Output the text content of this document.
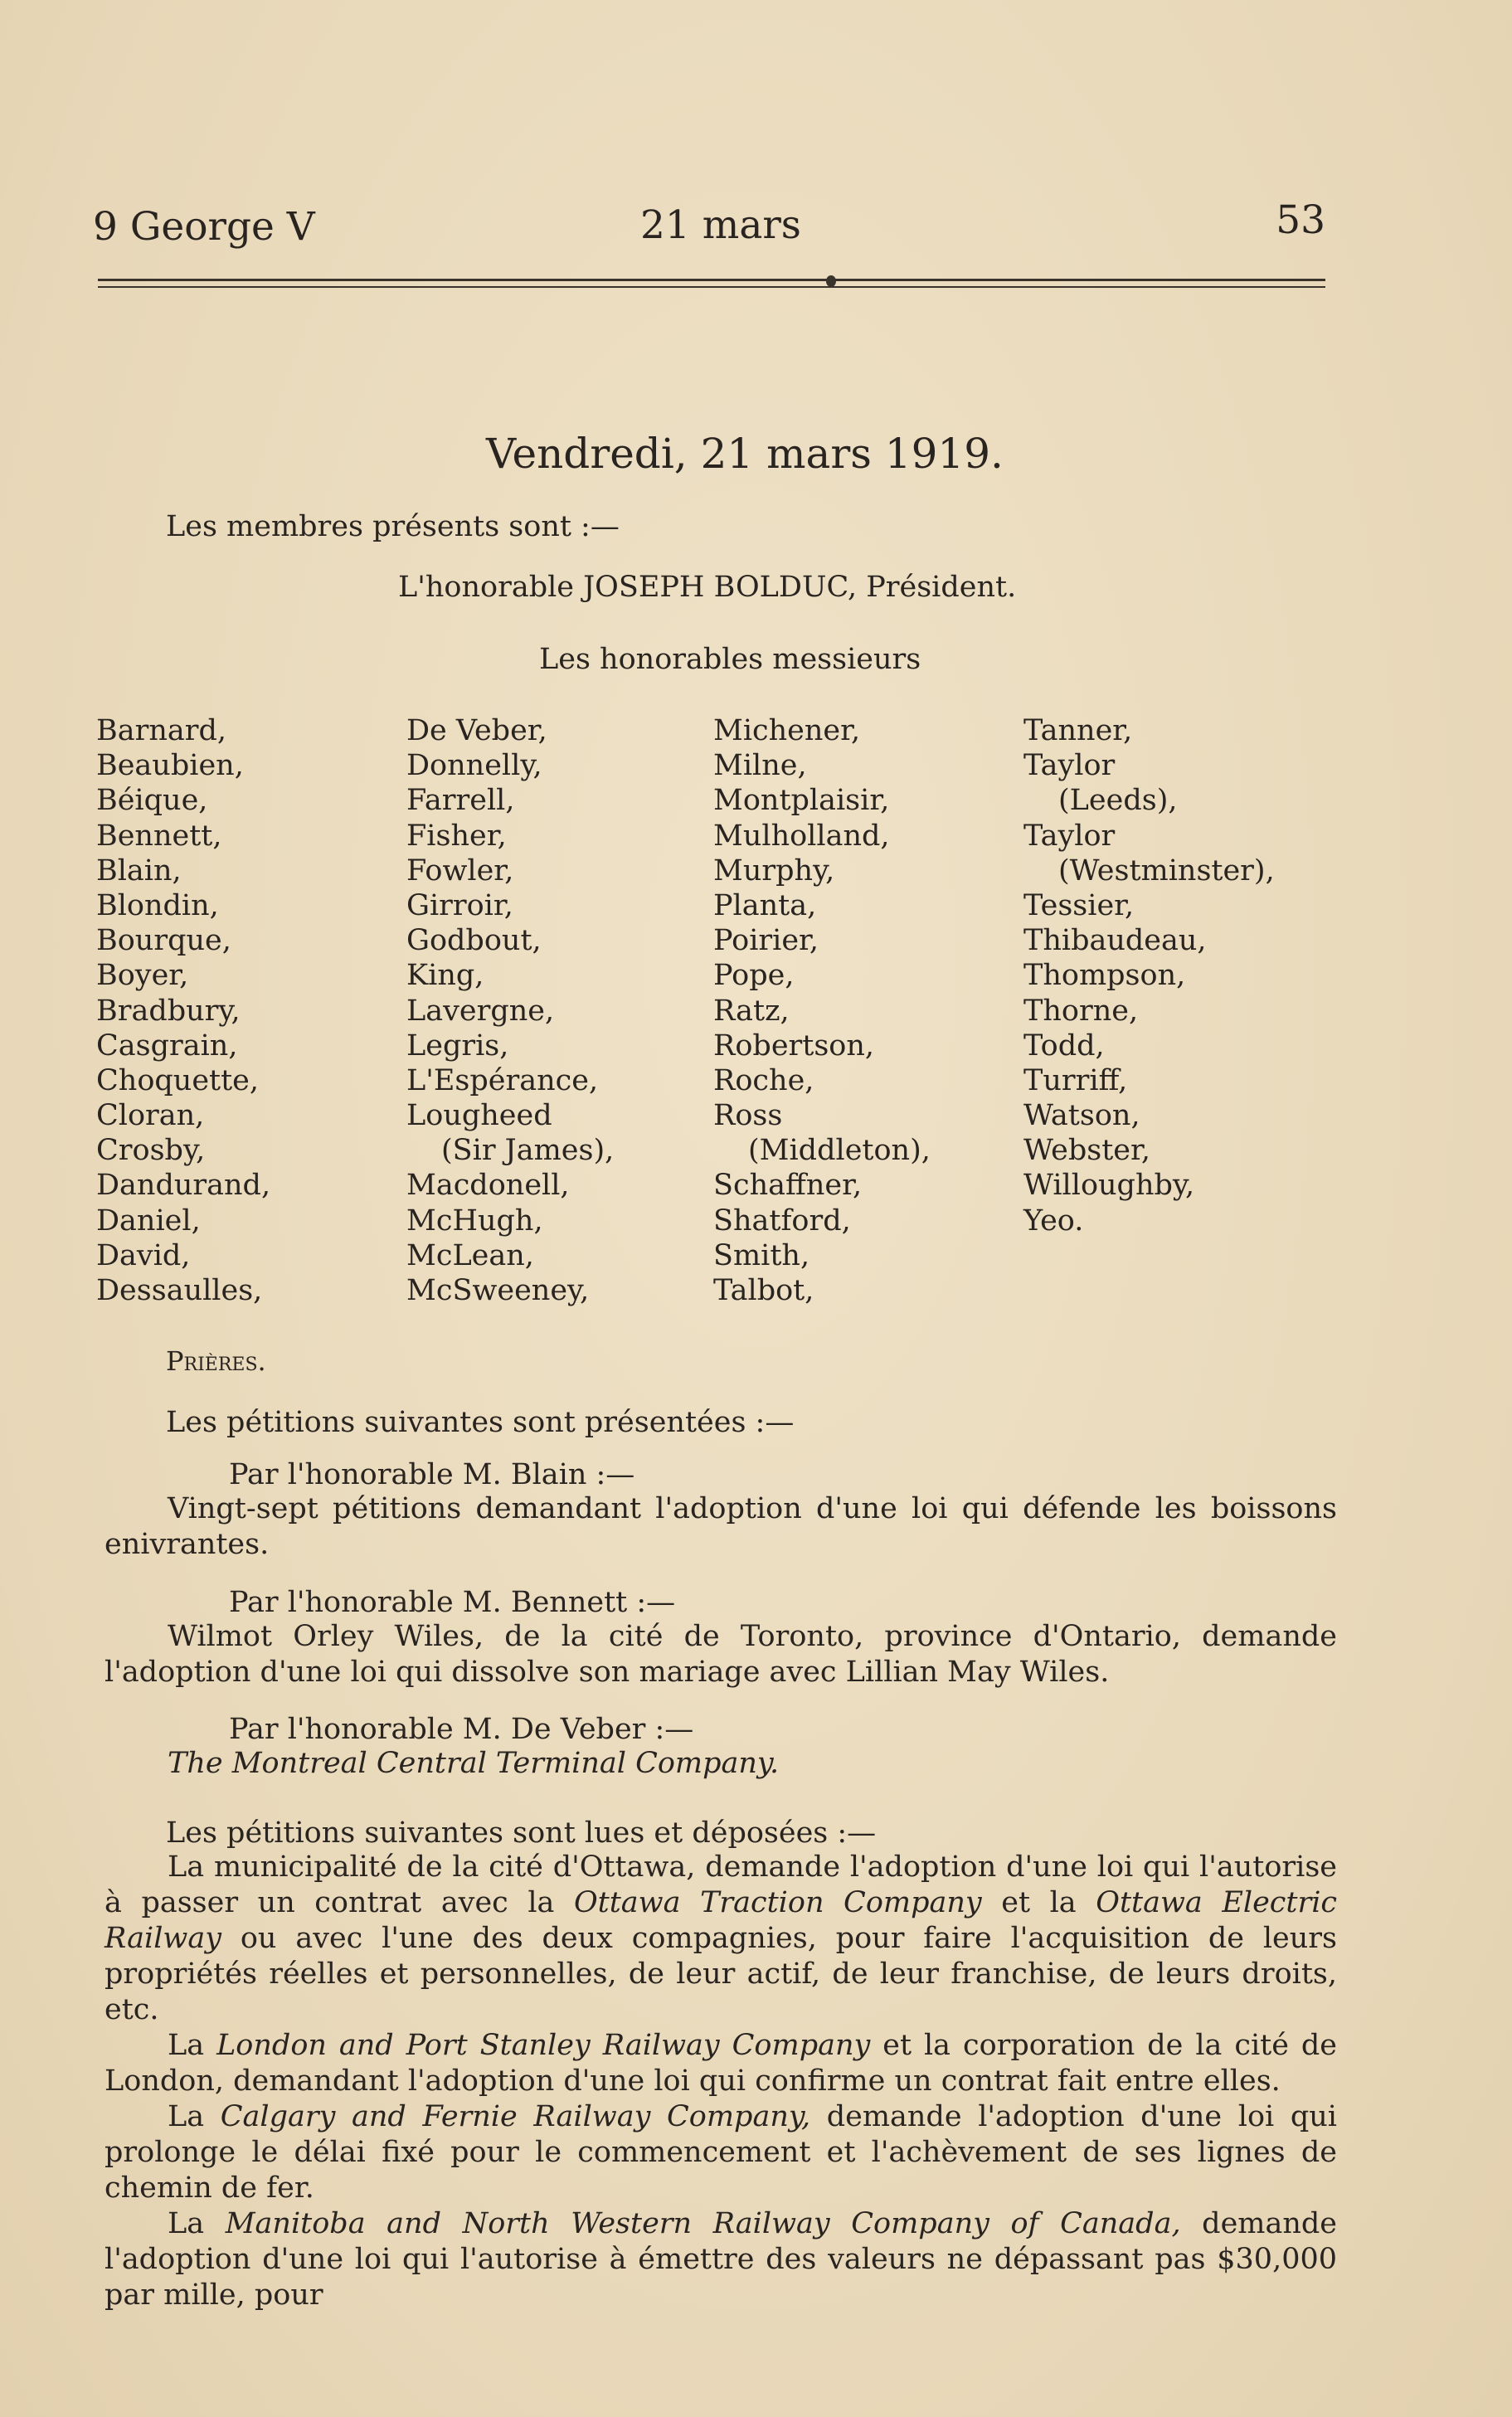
9 George V	21 mars	53
Vendredi, 21 mars 1919.
Les membres présents sont :—
L'honorable JOSEPH BOLDUC, Président.
Les honorables messieurs
Barnard,
Beaubien,
Béique,
Bennett,
Blain,
Blondin,
Bourque,
Boyer,
Bradbury,
Casgrain,
Choquette,
Cloran,
Crosby,
Dandurand,
Daniel,
David,
Dessaulles,
De Veber,
Donnelly,
Farrell,
Fisher,
Fowler,
Girroir,
Godbout,
King,
Lavergne,
Legris,
L'Espérance,
Lougheed
(Sir James),
Macdonell,
McHugh,
McLean,
McSweeney,
Michener,
Milne,
Montplaisir,
Mulholland,
Murphy,
Planta,
Poirier,
Pope,
Ratz,
Robertson,
Roche,
Ross
(Middleton),
Schaffner,
Shatford,
Smith,
Talbot,
Tanner,
Taylor
(Leeds),
Taylor
(Westminster),
Tessier,
Thibaudeau,
Thompson,
Thorne,
Todd,
Turriff,
Watson,
Webster,
Willoughby,
Yeo.
Prières.
Les pétitions suivantes sont présentées :—
Par l'honorable M. Blain :—

Vingt-sept pétitions demandant l'adoption d'une loi qui défende les boissons enivrantes.

Par l'honorable M. Bennett :—

Wilmot Orley Wiles, de la cité de Toronto, province d'Ontario, demande l'adoption d'une loi qui dissolve son mariage avec Lillian May Wiles.

Par l'honorable M. De Veber :—
The Montreal Central Terminal Company.
Les pétitions suivantes sont lues et déposées :—

La municipalité de la cité d'Ottawa, demande l'adoption d'une loi qui l'autorise à passer un contrat avec la Ottawa Traction Company et la Ottawa Electric Railway ou avec l'une des deux compagnies, pour faire l'acquisition de leurs propriétés réelles et personnelles, de leur actif, de leur franchise, de leurs droits, etc.

La London and Port Stanley Railway Company et la corporation de la cité de London, demandant l'adoption d'une loi qui confirme un contrat fait entre elles.

La Calgary and Fernie Railway Company, demande l'adoption d'une loi qui prolonge le délai fixé pour le commencement et l'achèvement de ses lignes de chemin de fer.

La Manitoba and North Western Railway Company of Canada, demande l'adoption d'une loi qui l'autorise à émettre des valeurs ne dépassant pas $30,000 par mille, pour
